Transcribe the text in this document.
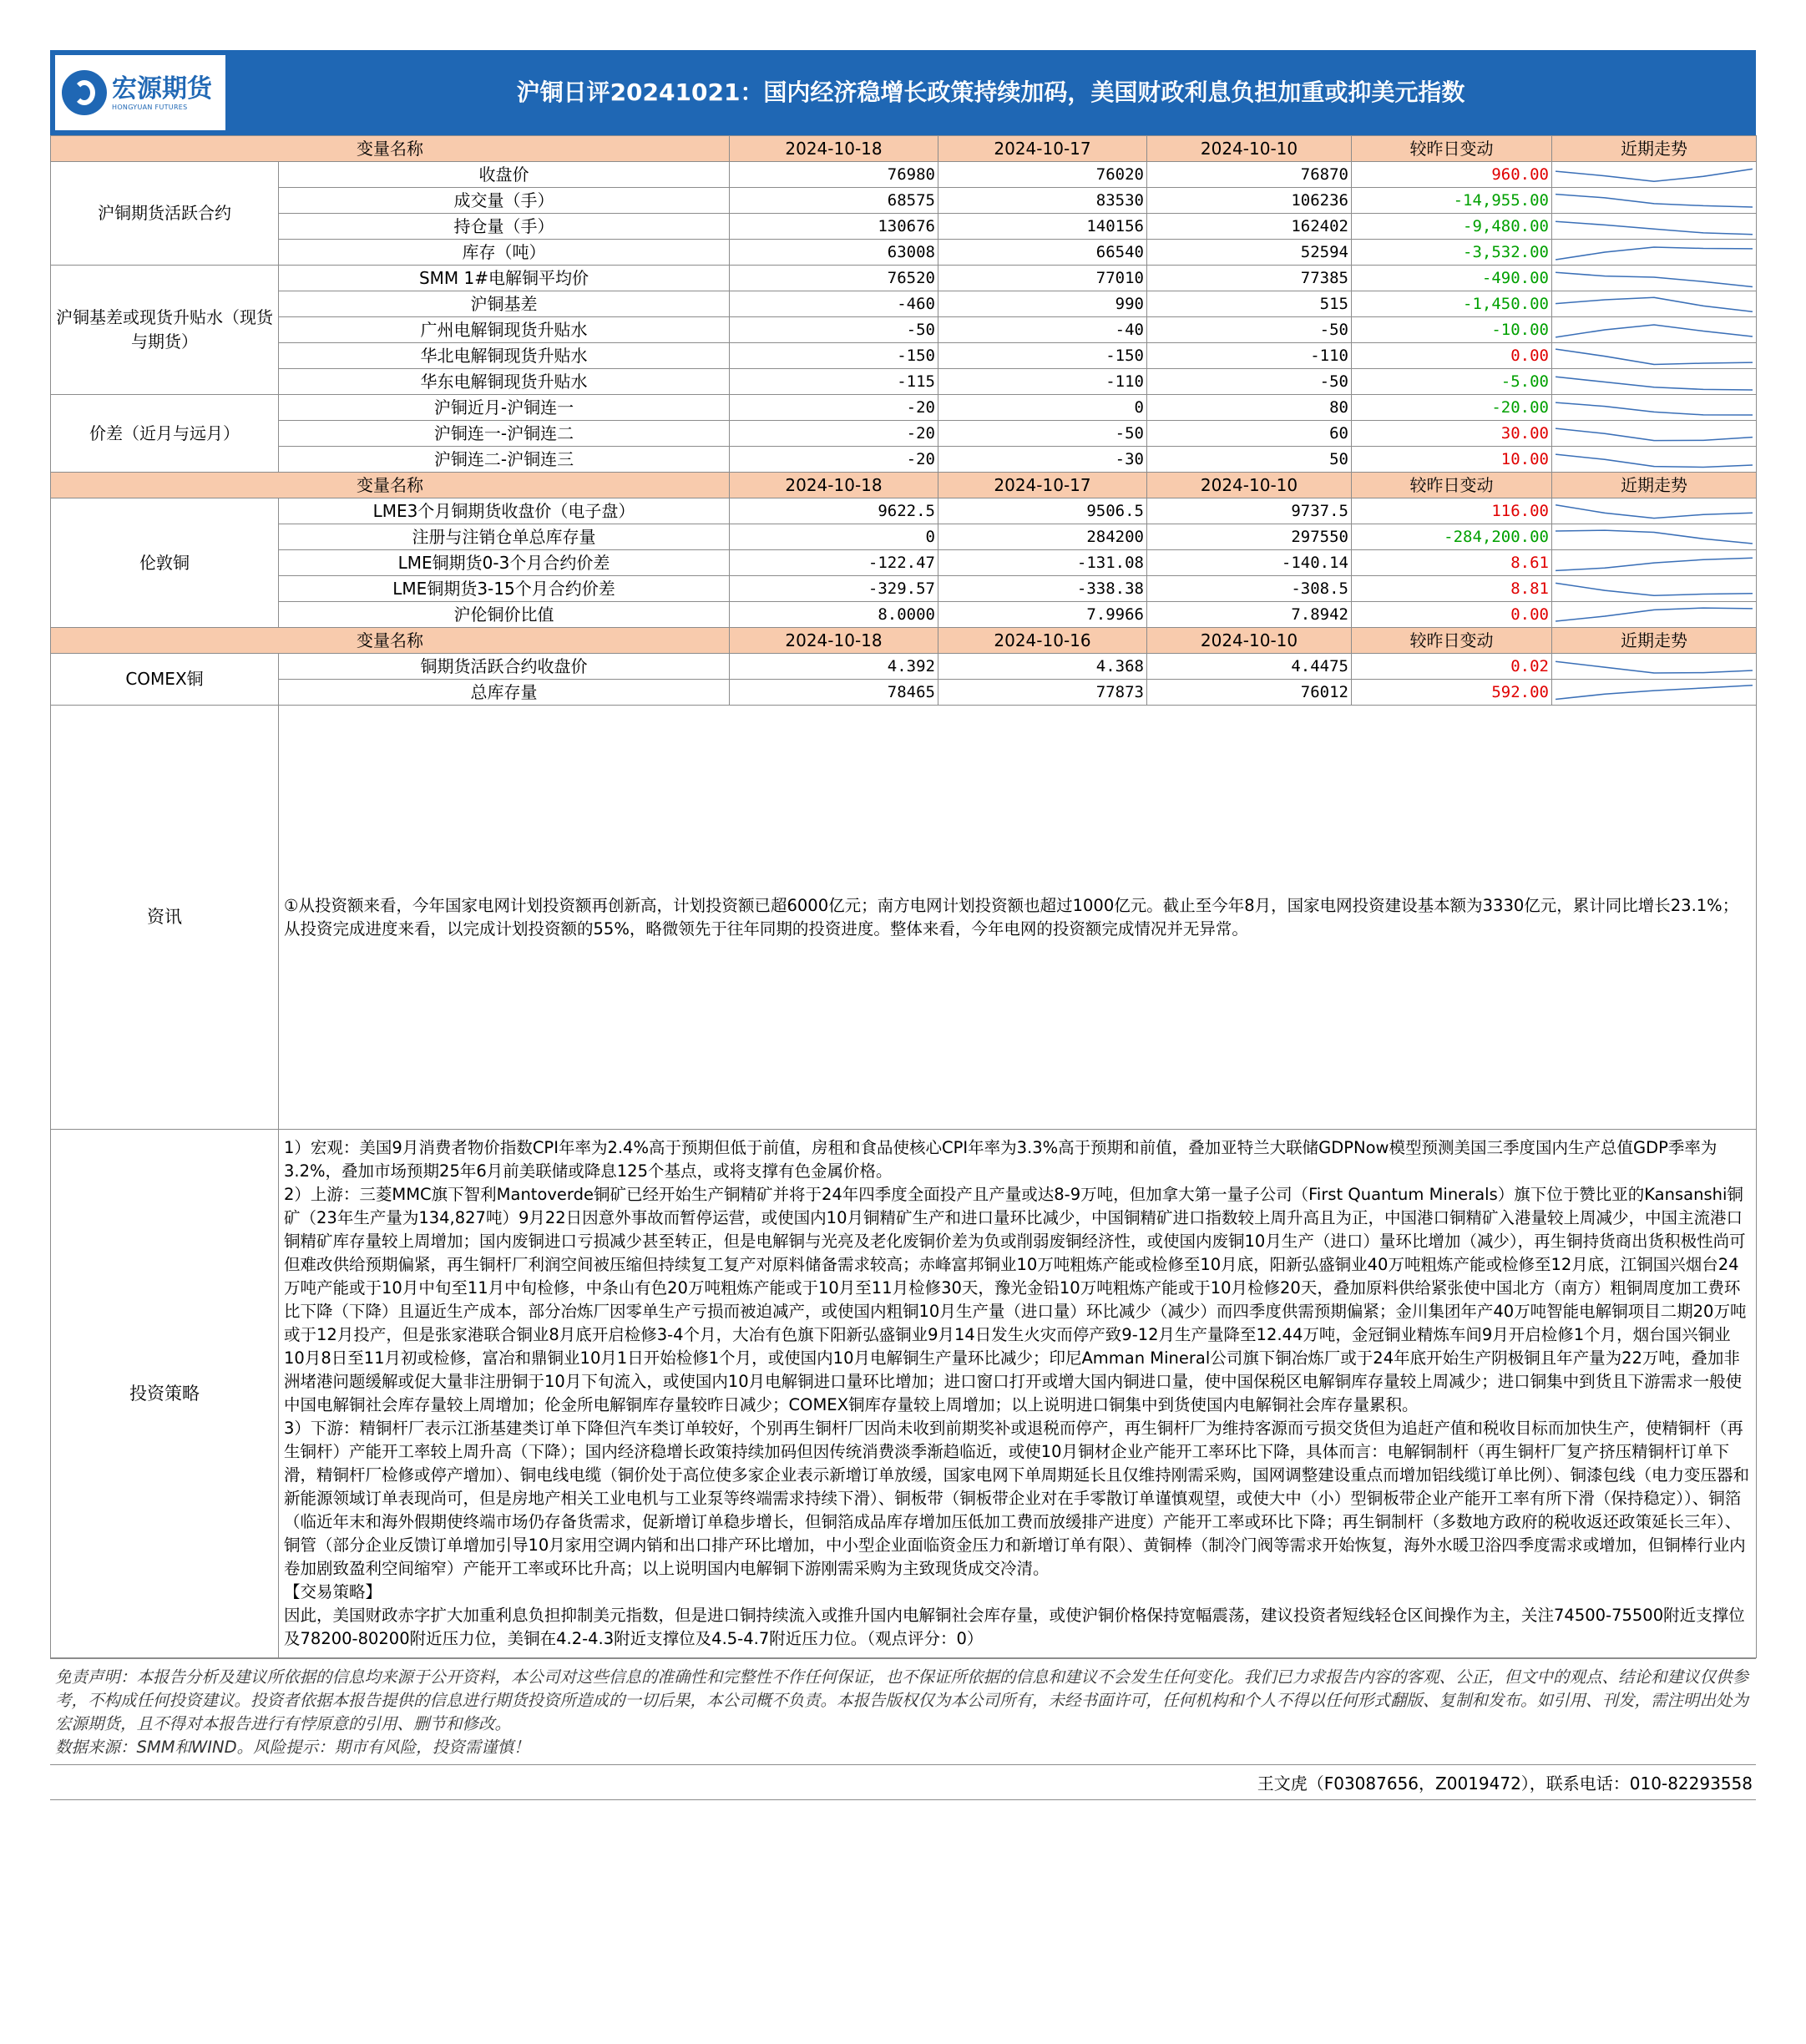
宏源期货
HONGYUAN FUTURES
沪铜日评20241021：国内经济稳增长政策持续加码，美国财政利息负担加重或抑美元指数
变量名称		2024-10-18	2024-10-17	2024-10-10	较昨日变动	近期走势
沪铜期货活跃合约	收盘价	76980	76020	76870	960.00	

	成交量（手）	68575	83530	106236	-14,955.00	

	持仓量（手）	130676	140156	162402	-9,480.00	

	库存（吨）	63008	66540	52594	-3,532.00	

沪铜基差或现货升贴水（现货与期货）	SMM 1#电解铜平均价	76520	77010	77385	-490.00	

	沪铜基差	-460	990	515	-1,450.00	

	广州电解铜现货升贴水	-50	-40	-50	-10.00	

	华北电解铜现货升贴水	-150	-150	-110	0.00	

	华东电解铜现货升贴水	-115	-110	-50	-5.00	

价差（近月与远月）	沪铜近月-沪铜连一	-20	0	80	-20.00	

	沪铜连一-沪铜连二	-20	-50	60	30.00	

	沪铜连二-沪铜连三	-20	-30	50	10.00	

变量名称		2024-10-18	2024-10-17	2024-10-10	较昨日变动	近期走势
伦敦铜	LME3个月铜期货收盘价（电子盘）	9622.5	9506.5	9737.5	116.00	

	注册与注销仓单总库存量	0	284200	297550	-284,200.00	

	LME铜期货0-3个月合约价差	-122.47	-131.08	-140.14	8.61	

	LME铜期货3-15个月合约价差	-329.57	-338.38	-308.5	8.81	

	沪伦铜价比值	8.0000	7.9966	7.8942	0.00	

变量名称		2024-10-18	2024-10-16	2024-10-10	较昨日变动	近期走势
COMEX铜	铜期货活跃合约收盘价	4.392	4.368	4.4475	0.02	

	总库存量	78465	77873	76012	592.00	

资讯	①从投资额来看，今年国家电网计划投资额再创新高，计划投资额已超6000亿元；南方电网计划投资额也超过1000亿元。截止至今年8月，国家电网投资建设基本额为3330亿元，累计同比增长23.1%；从投资完成进度来看，以完成计划投资额的55%，略微领先于往年同期的投资进度。整体来看，今年电网的投资额完成情况并无异常。					
投资策略	1）宏观：美国9月消费者物价指数CPI年率为2.4%高于预期但低于前值，房租和食品使核心CPI年率为3.3%高于预期和前值，叠加亚特兰大联储GDPNow模型预测美国三季度国内生产总值GDP季率为3.2%，叠加市场预期25年6月前美联储或降息125个基点，或将支撑有色金属价格。

2）上游：三菱MMC旗下智利Mantoverde铜矿已经开始生产铜精矿并将于24年四季度全面投产且产量或达8-9万吨，但加拿大第一量子公司（First Quantum Minerals）旗下位于赞比亚的Kansanshi铜矿（23年生产量为134,827吨）9月22日因意外事故而暂停运营，或使国内10月铜精矿生产和进口量环比减少，中国铜精矿进口指数较上周升高且为正，中国港口铜精矿入港量较上周减少，中国主流港口铜精矿库存量较上周增加；国内废铜进口亏损减少甚至转正，但是电解铜与光亮及老化废铜价差为负或削弱废铜经济性，或使国内废铜10月生产（进口）量环比增加（减少），再生铜持货商出货积极性尚可但难改供给预期偏紧，再生铜杆厂利润空间被压缩但持续复工复产对原料储备需求较高；赤峰富邦铜业10万吨粗炼产能或检修至10月底，阳新弘盛铜业40万吨粗炼产能或检修至12月底，江铜国兴烟台24万吨产能或于10月中旬至11月中旬检修，中条山有色20万吨粗炼产能或于10月至11月检修30天，豫光金铅10万吨粗炼产能或于10月检修20天，叠加原料供给紧张使中国北方（南方）粗铜周度加工费环比下降（下降）且逼近生产成本，部分冶炼厂因零单生产亏损而被迫减产，或使国内粗铜10月生产量（进口量）环比减少（减少）而四季度供需预期偏紧；金川集团年产40万吨智能电解铜项目二期20万吨或于12月投产，但是张家港联合铜业8月底开启检修3-4个月，大冶有色旗下阳新弘盛铜业9月14日发生火灾而停产致9-12月生产量降至12.44万吨，金冠铜业精炼车间9月开启检修1个月，烟台国兴铜业10月8日至11月初或检修，富冶和鼎铜业10月1日开始检修1个月，或使国内10月电解铜生产量环比减少；印尼Amman Mineral公司旗下铜冶炼厂或于24年底开始生产阴极铜且年产量为22万吨，叠加非洲堵港问题缓解或促大量非注册铜于10月下旬流入，或使国内10月电解铜进口量环比增加；进口窗口打开或增大国内铜进口量，使中国保税区电解铜库存量较上周减少；进口铜集中到货且下游需求一般使中国电解铜社会库存量较上周增加；伦金所电解铜库存量较昨日减少；COMEX铜库存量较上周增加；以上说明进口铜集中到货使国内电解铜社会库存量累积。

3）下游：精铜杆厂表示江浙基建类订单下降但汽车类订单较好，个别再生铜杆厂因尚未收到前期奖补或退税而停产，再生铜杆厂为维持客源而亏损交货但为追赶产值和税收目标而加快生产，使精铜杆（再生铜杆）产能开工率较上周升高（下降）；国内经济稳增长政策持续加码但因传统消费淡季渐趋临近，或使10月铜材企业产能开工率环比下降，具体而言：电解铜制杆（再生铜杆厂复产挤压精铜杆订单下滑，精铜杆厂检修或停产增加）、铜电线电缆（铜价处于高位使多家企业表示新增订单放缓，国家电网下单周期延长且仅维持刚需采购，国网调整建设重点而增加铝线缆订单比例）、铜漆包线（电力变压器和新能源领域订单表现尚可，但是房地产相关工业电机与工业泵等终端需求持续下滑）、铜板带（铜板带企业对在手零散订单谨慎观望，或使大中（小）型铜板带企业产能开工率有所下滑（保持稳定））、铜箔（临近年末和海外假期使终端市场仍存备货需求，促新增订单稳步增长，但铜箔成品库存增加压低加工费而放缓排产进度）产能开工率或环比下降；再生铜制杆（多数地方政府的税收返还政策延长三年）、铜管（部分企业反馈订单增加引导10月家用空调内销和出口排产环比增加，中小型企业面临资金压力和新增订单有限）、黄铜棒（制冷门阀等需求开始恢复，海外水暖卫浴四季度需求或增加，但铜棒行业内卷加剧致盈利空间缩窄）产能开工率或环比升高；以上说明国内电解铜下游刚需采购为主致现货成交冷清。

【交易策略】

因此，美国财政赤字扩大加重利息负担抑制美元指数，但是进口铜持续流入或推升国内电解铜社会库存量，或使沪铜价格保持宽幅震荡，建议投资者短线轻仓区间操作为主，关注74500-75500附近支撑位及78200-80200附近压力位，美铜在4.2-4.3附近支撑位及4.5-4.7附近压力位。（观点评分：0）					

免责声明：本报告分析及建议所依据的信息均来源于公开资料，本公司对这些信息的准确性和完整性不作任何保证，也不保证所依据的信息和建议不会发生任何变化。我们已力求报告内容的客观、公正，但文中的观点、结论和建议仅供参考，不构成任何投资建议。投资者依据本报告提供的信息进行期货投资所造成的一切后果，本公司概不负责。本报告版权仅为本公司所有，未经书面许可，任何机构和个人不得以任何形式翻版、复制和发布。如引用、刊发，需注明出处为宏源期货，且不得对本报告进行有悖原意的引用、删节和修改。
数据来源：SMM和WIND。风险提示：期市有风险，投资需谨慎！
王文虎（F03087656，Z0019472），联系电话：010-82293558
